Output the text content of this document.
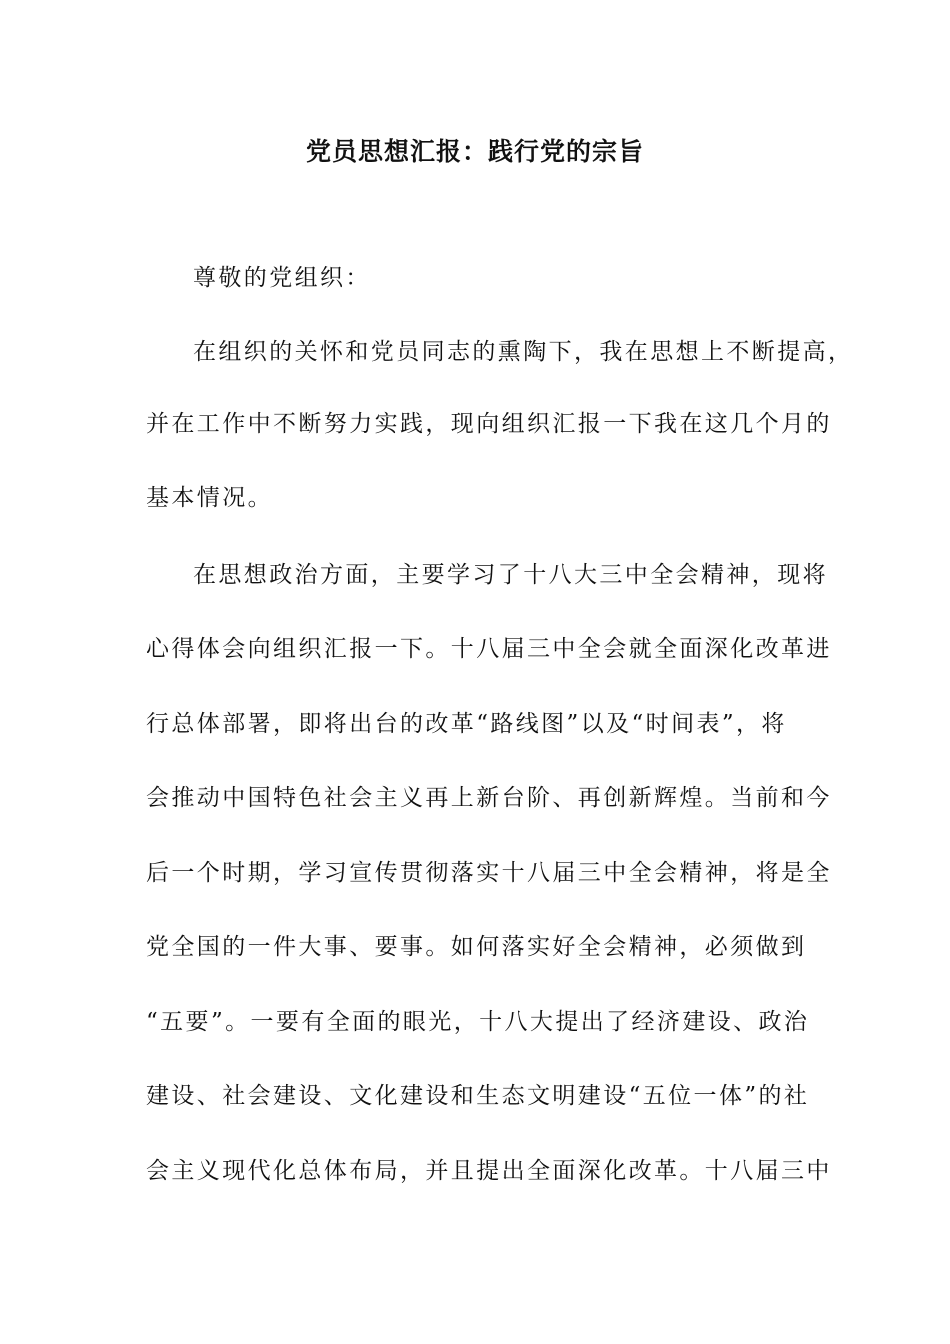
党员思想汇报：践行党的宗旨
尊敬的党组织：
在组织的关怀和党员同志的熏陶下，我在思想上不断提高，
并在工作中不断努力实践，现向组织汇报一下我在这几个月的
基本情况。
在思想政治方面，主要学习了十八大三中全会精神，现将
心得体会向组织汇报一下。十八届三中全会就全面深化改革进
行总体部署，即将出台的改革“路线图”以及“时间表”，将
会推动中国特色社会主义再上新台阶、再创新辉煌。当前和今
后一个时期，学习宣传贯彻落实十八届三中全会精神，将是全
党全国的一件大事、要事。如何落实好全会精神，必须做到
“五要”。一要有全面的眼光，十八大提出了经济建设、政治
建设、社会建设、文化建设和生态文明建设“五位一体”的社
会主义现代化总体布局，并且提出全面深化改革。十八届三中
